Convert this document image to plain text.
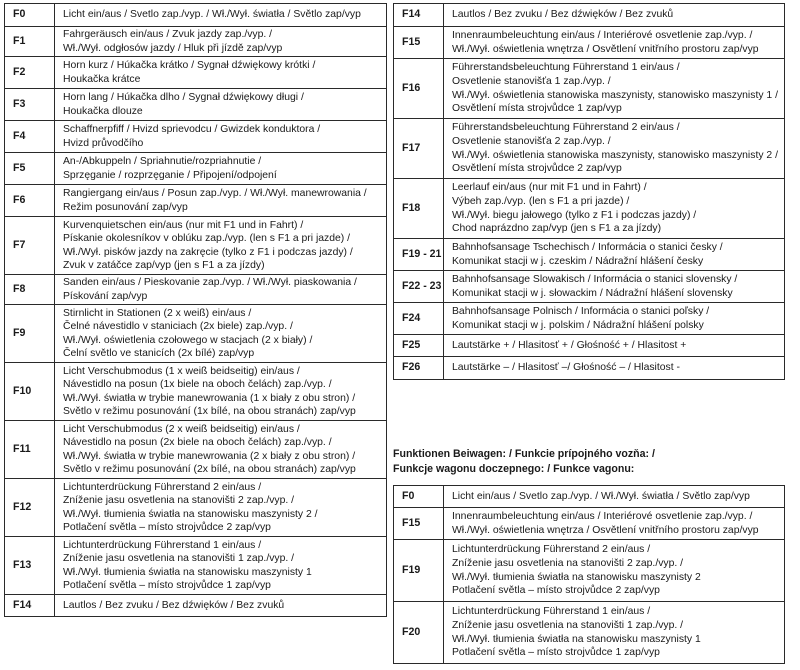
F0	Licht ein/aus / Svetlo zap./vyp. / Wł./Wył. światła / Světlo zap/vyp

F1	Fahrgeräusch ein/aus / Zvuk jazdy zap./vyp. /
Wł./Wył. odgłosów jazdy / Hluk při jízdě zap/vyp

F2	Horn kurz / Húkačka krátko / Sygnał dźwiękowy krótki /
Houkačka krátce

F3	Horn lang / Húkačka dlho / Sygnał dźwiękowy długi /
Houkačka dlouze

F4	Schaffnerpfiff / Hvizd sprievodcu / Gwizdek konduktora /
Hvizd průvodčího

F5	An-/Abkuppeln / Spriahnutie/rozpriahnutie /
Sprzęganie / rozprzęganie / Připojení/odpojení

F6	Rangiergang ein/aus / Posun zap./vyp. / Wł./Wył. manewrowania /
Režim posunování zap/vyp

F7	Kurvenquietschen ein/aus (nur mit F1 und in Fahrt) /
Pískanie okolesníkov v oblúku zap./vyp. (len s F1 a pri jazde) /
Wł./Wył. pisków jazdy na zakręcie (tylko z F1 i podczas jazdy) /
Zvuk v zatáčce zap/vyp (jen s F1 a za jízdy)

F8	Sanden ein/aus / Pieskovanie zap./vyp. / Wł./Wył. piaskowania /
Pískování zap/vyp

F9	Stirnlicht in Stationen (2 x weiß) ein/aus /
Čelné návestidlo v staniciach (2x biele) zap./vyp. /
Wł./Wył. oświetlenia czołowego w stacjach (2 x biały) /
Čelní světlo ve stanicích (2x bílé) zap/vyp

F10	Licht Verschubmodus (1 x weiß beidseitig) ein/aus /
Návestidlo na posun (1x biele na oboch čelách) zap./vyp. /
Wł./Wył. światła w trybie manewrowania (1 x biały z obu stron) /
Světlo v režimu posunování (1x bílé, na obou stranách) zap/vyp

F11	Licht Verschubmodus (2 x weiß beidseitig) ein/aus /
Návestidlo na posun (2x biele na oboch čelách) zap./vyp. /
Wł./Wył. światła w trybie manewrowania (2 x biały z obu stron) /
Světlo v režimu posunování (2x bílé, na obou stranách) zap/vyp

F12	Lichtunterdrückung Führerstand 2 ein/aus /
Zníženie jasu osvetlenia na stanovišti 2 zap./vyp. /
Wł./Wył. tłumienia światła na stanowisku maszynisty 2 /
Potlačení světla – místo strojvůdce 2 zap/vyp

F13	Lichtunterdrückung Führerstand 1 ein/aus /
Zníženie jasu osvetlenia na stanovišti 1 zap./vyp. /
Wł./Wył. tłumienia światła na stanowisku maszynisty 1
Potlačení světla – místo strojvůdce 1 zap/vyp

F14	Lautlos / Bez zvuku / Bez dźwięków / Bez zvuků
F14	Lautlos / Bez zvuku / Bez dźwięków / Bez zvuků

F15	Innenraumbeleuchtung ein/aus / Interiérové osvetlenie zap./vyp. /
Wł./Wył. oświetlenia wnętrza / Osvětlení vnitřního prostoru zap/vyp

F16	Führerstandsbeleuchtung Führerstand 1 ein/aus /
Osvetlenie stanovišťa 1 zap./vyp. /
Wł./Wył. oświetlenia stanowiska maszynisty, stanowisko maszynisty 1 /
Osvětlení místa strojvůdce 1 zap/vyp

F17	Führerstandsbeleuchtung Führerstand 2 ein/aus /
Osvetlenie stanovišťa 2 zap./vyp. /
Wł./Wył. oświetlenia stanowiska maszynisty, stanowisko maszynisty 2 /
Osvětlení místa strojvůdce 2 zap/vyp

F18	Leerlauf ein/aus (nur mit F1 und in Fahrt) /
Výbeh zap./vyp. (len s F1 a pri jazde) /
Wł./Wył. biegu jałowego (tylko z F1 i podczas jazdy) /
Chod naprázdno zap/vyp (jen s F1 a za jízdy)

F19 - 21	Bahnhofsansage Tschechisch / Informácia o stanici česky /
Komunikat stacji w j. czeskim / Nádražní hlášení česky

F22 - 23	Bahnhofsansage Slowakisch / Informácia o stanici slovensky /
Komunikat stacji w j. słowackim / Nádražní hlášení slovensky

F24	Bahnhofsansage Polnisch / Informácia o stanici poľsky /
Komunikat stacji w j. polskim / Nádražní hlášení polsky

F25	Lautstärke + / Hlasitosť + / Głośność + / Hlasitost +

F26	Lautstärke – / Hlasitosť –/ Głośność – / Hlasitost -
Funktionen Beiwagen: / Funkcie prípojného vozňa: /
Funkcje wagonu doczepnego: / Funkce vagonu:
F0	Licht ein/aus / Svetlo zap./vyp. / Wł./Wył. światła / Světlo zap/vyp

F15	Innenraumbeleuchtung ein/aus / Interiérové osvetlenie zap./vyp. /
Wł./Wył. oświetlenia wnętrza / Osvětlení vnitřního prostoru zap/vyp

F19	Lichtunterdrückung Führerstand 2 ein/aus /
Zníženie jasu osvetlenia na stanovišti 2 zap./vyp. /
Wł./Wył. tłumienia światła na stanowisku maszynisty 2
Potlačení světla – místo strojvůdce 2 zap/vyp

F20	Lichtunterdrückung Führerstand 1 ein/aus /
Zníženie jasu osvetlenia na stanovišti 1 zap./vyp. /
Wł./Wył. tłumienia światła na stanowisku maszynisty 1
Potlačení světla – místo strojvůdce 1 zap/vyp
